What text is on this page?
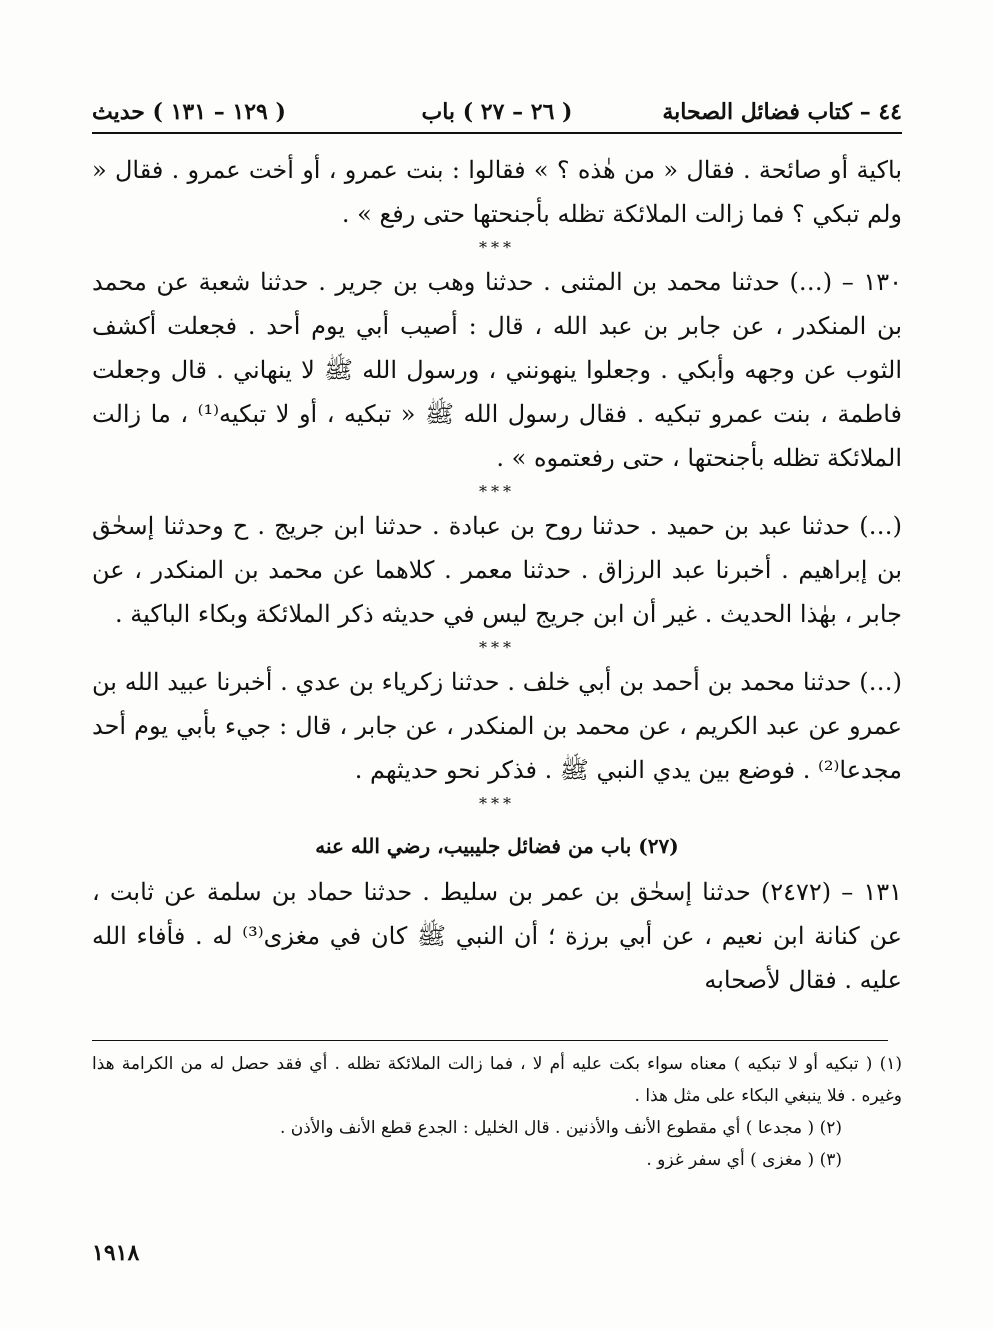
٤٤ – كتاب فضائل الصحابة
( ٢٦ – ٢٧ ) باب
( ١٢٩ – ١٣١ ) حديث

باكية أو صائحة . فقال « من هٰذه ؟ » فقالوا : بنت عمرو ، أو أخت عمرو . فقال « ولم تبكي ؟ فما زالت الملائكة تظله بأجنحتها حتى رفع » .

***

١٣٠ – (…) حدثنا محمد بن المثنى . حدثنا وهب بن جرير . حدثنا شعبة عن محمد بن المنكدر ، عن جابر بن عبد الله ، قال : أصيب أبي يوم أحد . فجعلت أكشف الثوب عن وجهه وأبكي . وجعلوا ينهونني ، ورسول الله ﷺ لا ينهاني . قال وجعلت فاطمة ، بنت عمرو تبكيه . فقال رسول الله ﷺ « تبكيه ، أو لا تبكيه⁽¹⁾ ، ما زالت الملائكة تظله بأجنحتها ، حتى رفعتموه » .

***

(…) حدثنا عبد بن حميد . حدثنا روح بن عبادة . حدثنا ابن جريج . ح وحدثنا إسحٰق بن إبراهيم . أخبرنا عبد الرزاق . حدثنا معمر . كلاهما عن محمد بن المنكدر ، عن جابر ، بهٰذا الحديث . غير أن ابن جريج ليس في حديثه ذكر الملائكة وبكاء الباكية .

***

(…) حدثنا محمد بن أحمد بن أبي خلف . حدثنا زكرياء بن عدي . أخبرنا عبيد الله بن عمرو عن عبد الكريم ، عن محمد بن المنكدر ، عن جابر ، قال : جيء بأبي يوم أحد مجدعا⁽²⁾ . فوضع بين يدي النبي ﷺ . فذكر نحو حديثهم .

***
(٢٧) باب من فضائل جليبيب، رضي الله عنه

١٣١ – (٢٤٧٢) حدثنا إسحٰق بن عمر بن سليط . حدثنا حماد بن سلمة عن ثابت ، عن كنانة ابن نعيم ، عن أبي برزة ؛ أن النبي ﷺ كان في مغزى⁽³⁾ له . فأفاء الله عليه . فقال لأصحابه

(١) ( تبكيه أو لا تبكيه ) معناه سواء بكت عليه أم لا ، فما زالت الملائكة تظله . أي فقد حصل له من الكرامة هذا وغيره . فلا ينبغي البكاء على مثل هذا .

(٢) ( مجدعا ) أي مقطوع الأنف والأذنين . قال الخليل : الجدع قطع الأنف والأذن .

(٣) ( مغزى ) أي سفر غزو .

١٩١٨
